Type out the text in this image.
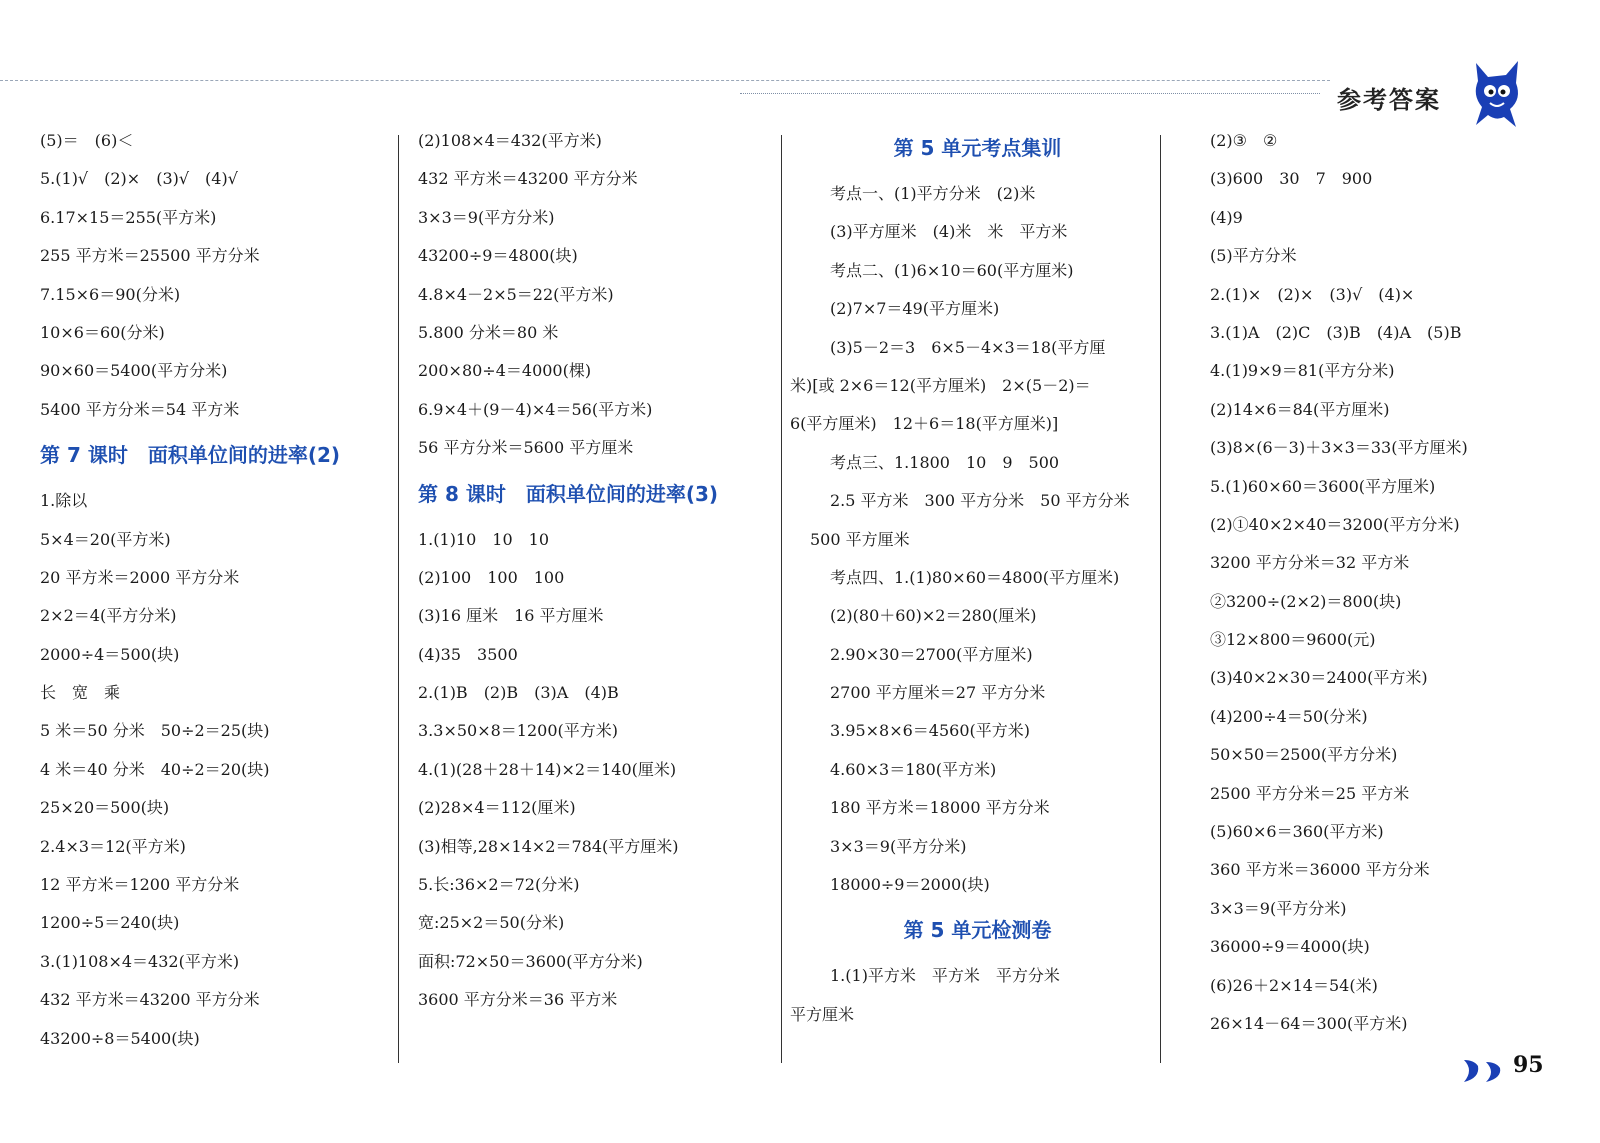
参考答案
(5)＝　(6)＜
5.(1)√　(2)×　(3)√　(4)√
6.17×15＝255(平方米)
255 平方米＝25500 平方分米
7.15×6＝90(分米)
10×6＝60(分米)
90×60＝5400(平方分米)
5400 平方分米＝54 平方米
第 7 课时　面积单位间的进率(2)
1.除以
5×4＝20(平方米)
20 平方米＝2000 平方分米
2×2＝4(平方分米)
2000÷4＝500(块)
长　宽　乘
5 米＝50 分米　50÷2＝25(块)
4 米＝40 分米　40÷2＝20(块)
25×20＝500(块)
2.4×3＝12(平方米)
12 平方米＝1200 平方分米
1200÷5＝240(块)
3.(1)108×4＝432(平方米)
432 平方米＝43200 平方分米
43200÷8＝5400(块)
(2)108×4＝432(平方米)
432 平方米＝43200 平方分米
3×3＝9(平方分米)
43200÷9＝4800(块)
4.8×4－2×5＝22(平方米)
5.800 分米＝80 米
200×80÷4＝4000(棵)
6.9×4＋(9－4)×4＝56(平方米)
56 平方分米＝5600 平方厘米
第 8 课时　面积单位间的进率(3)
1.(1)10　10　10
(2)100　100　100
(3)16 厘米　16 平方厘米
(4)35　3500
2.(1)B　(2)B　(3)A　(4)B
3.3×50×8＝1200(平方米)
4.(1)(28＋28＋14)×2＝140(厘米)
(2)28×4＝112(厘米)
(3)相等,28×14×2＝784(平方厘米)
5.长:36×2＝72(分米)
宽:25×2＝50(分米)
面积:72×50＝3600(平方分米)
3600 平方分米＝36 平方米
第 5 单元考点集训
考点一、(1)平方分米　(2)米
(3)平方厘米　(4)米　米　平方米
考点二、(1)6×10＝60(平方厘米)
(2)7×7＝49(平方厘米)
(3)5－2＝3　6×5－4×3＝18(平方厘
米)[或 2×6＝12(平方厘米)　2×(5－2)＝
6(平方厘米)　12＋6＝18(平方厘米)]
考点三、1.1800　10　9　500
2.5 平方米　300 平方分米　50 平方分米
500 平方厘米
考点四、1.(1)80×60＝4800(平方厘米)
(2)(80＋60)×2＝280(厘米)
2.90×30＝2700(平方厘米)
2700 平方厘米＝27 平方分米
3.95×8×6＝4560(平方米)
4.60×3＝180(平方米)
180 平方米＝18000 平方分米
3×3＝9(平方分米)
18000÷9＝2000(块)
第 5 单元检测卷
1.(1)平方米　平方米　平方分米
平方厘米
(2)③　②
(3)600　30　7　900
(4)9
(5)平方分米
2.(1)×　(2)×　(3)√　(4)×
3.(1)A　(2)C　(3)B　(4)A　(5)B
4.(1)9×9＝81(平方分米)
(2)14×6＝84(平方厘米)
(3)8×(6－3)＋3×3＝33(平方厘米)
5.(1)60×60＝3600(平方厘米)
(2)①40×2×40＝3200(平方分米)
3200 平方分米＝32 平方米
②3200÷(2×2)＝800(块)
③12×800＝9600(元)
(3)40×2×30＝2400(平方米)
(4)200÷4＝50(分米)
50×50＝2500(平方分米)
2500 平方分米＝25 平方米
(5)60×6＝360(平方米)
360 平方米＝36000 平方分米
3×3＝9(平方分米)
36000÷9＝4000(块)
(6)26＋2×14＝54(米)
26×14－64＝300(平方米)
95
